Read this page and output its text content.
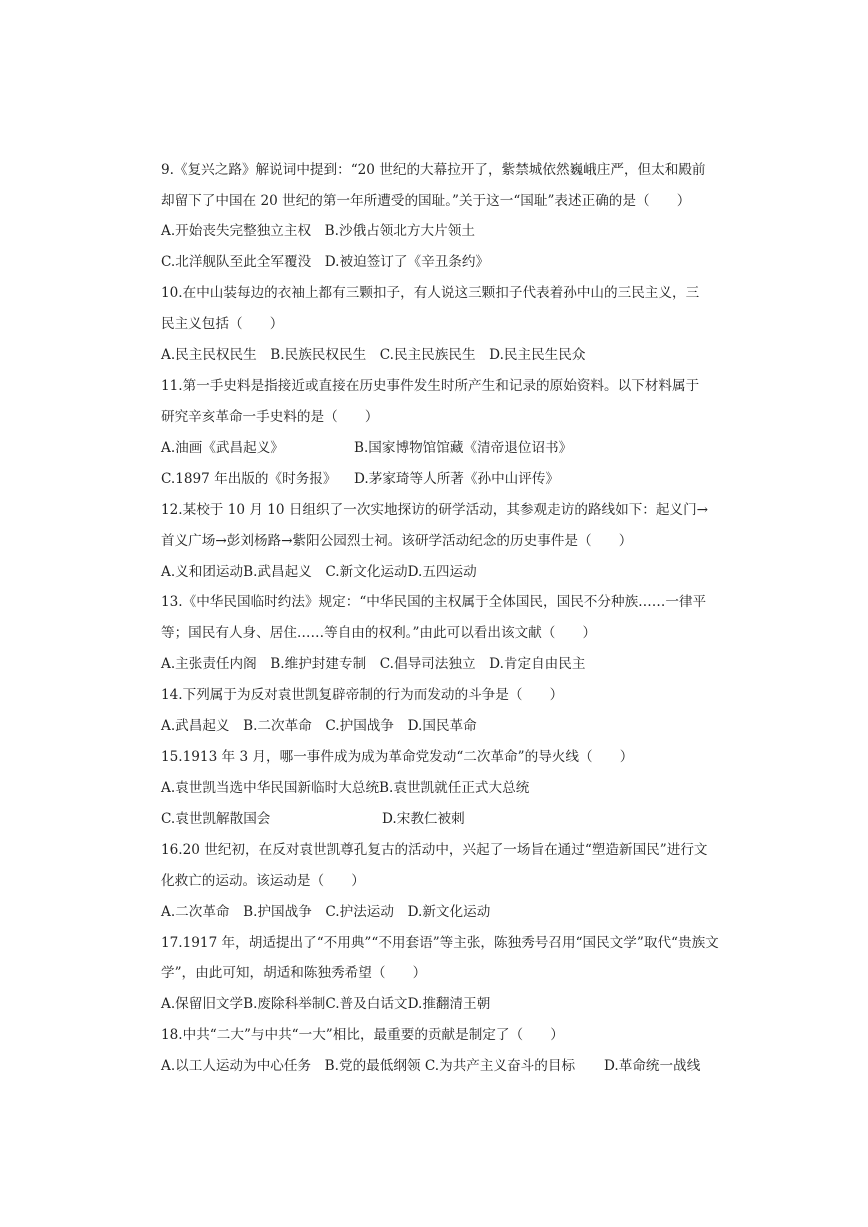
9.《复兴之路》解说词中提到：“20 世纪的大幕拉开了，紫禁城依然巍峨庄严，但太和殿前
却留下了中国在 20 世纪的第一年所遭受的国耻。”关于这一“国耻”表述正确的是（　　）
A.开始丧失完整独立主权　B.沙俄占领北方大片领土
C.北洋舰队至此全军覆没　D.被迫签订了《辛丑条约》
10.在中山装每边的衣袖上都有三颗扣子，有人说这三颗扣子代表着孙中山的三民主义，三
民主义包括（　　）
A.民主民权民生　B.民族民权民生　C.民主民族民生　D.民主民生民众
11.第一手史料是指接近或直接在历史事件发生时所产生和记录的原始资料。以下材料属于
研究辛亥革命一手史料的是（　　）
A.油画《武昌起义》	B.国家博物馆馆藏《清帝退位诏书》
C.1897 年出版的《时务报》 D.茅家琦等人所著《孙中山评传》
12.某校于 10 月 10 日组织了一次实地探访的研学活动，其参观走访的路线如下：起义门→
首义广场→彭刘杨路→紫阳公园烈士祠。该研学活动纪念的历史事件是（　　）
A.义和团运动B.武昌起义　C.新文化运动D.五四运动
13.《中华民国临时约法》规定：“中华民国的主权属于全体国民，国民不分种族……一律平
等；国民有人身、居住……等自由的权利。”由此可以看出该文献（　　）
A.主张责任内阁　B.维护封建专制　C.倡导司法独立　D.肯定自由民主
14.下列属于为反对袁世凯复辟帝制的行为而发动的斗争是（　　）
A.武昌起义　B.二次革命　C.护国战争　D.国民革命
15.1913 年 3 月，哪一事件成为成为革命党发动“二次革命”的导火线（　　）
A.袁世凯当选中华民国新临时大总统B.袁世凯就任正式大总统
C.袁世凯解散国会	D.宋教仁被刺
16.20 世纪初，在反对袁世凯尊孔复古的活动中，兴起了一场旨在通过“塑造新国民”进行文
化救亡的运动。该运动是（　　）
A.二次革命　B.护国战争　C.护法运动　D.新文化运动
17.1917 年，胡适提出了“不用典”“不用套语”等主张，陈独秀号召用“国民文学”取代“贵族文
学”，由此可知，胡适和陈独秀希望（　　）
A.保留旧文学B.废除科举制C.普及白话文D.推翻清王朝
18.中共“二大”与中共“一大”相比，最重要的贡献是制定了（　　）
A.以工人运动为中心任务　B.党的最低纲领 C.为共产主义奋斗的目标 D.革命统一战线
